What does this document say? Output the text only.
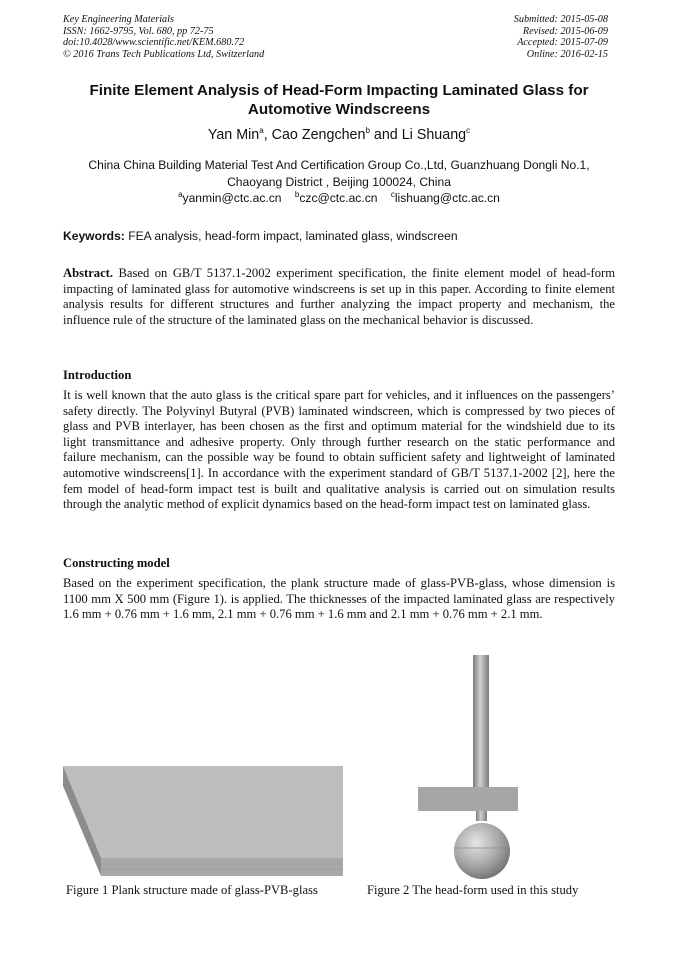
Key Engineering Materials
ISSN: 1662-9795, Vol. 680, pp 72-75
doi:10.4028/www.scientific.net/KEM.680.72
© 2016 Trans Tech Publications Ltd, Switzerland
Submitted: 2015-05-08
Revised: 2015-06-09
Accepted: 2015-07-09
Online: 2016-02-15
Finite Element Analysis of Head-Form Impacting Laminated Glass for Automotive Windscreens
Yan Min$^a$, Cao Zengchen$^b$ and Li Shuang$^c$
China China Building Material Test And Certification Group Co.,Ltd, Guanzhuang Dongli No.1, Chaoyang District , Beijing 100024, China
$^a$yanmin@ctc.ac.cn $^b$czc@ctc.ac.cn $^c$lishuang@ctc.ac.cn
Keywords: FEA analysis, head-form impact, laminated glass, windscreen
Abstract. Based on GB/T 5137.1-2002 experiment specification, the finite element model of head-form impacting of laminated glass for automotive windscreens is set up in this paper. According to finite element analysis results for different structures and further analyzing the impact property and mechanism, the influence rule of the structure of the laminated glass on the mechanical behavior is discussed.
Introduction
It is well known that the auto glass is the critical spare part for vehicles, and it influences on the passengers’ safety directly. The Polyvinyl Butyral (PVB) laminated windscreen, which is compressed by two pieces of glass and PVB interlayer, has been chosen as the first and optimum material for the windshield due to its light transmittance and adhesive property. Only through further research on the static performance and failure mechanism, can the possible way be found to obtain sufficient safety and lightweight of laminated automotive windscreens[1]. In accordance with the experiment standard of GB/T 5137.1-2002 [2], here the fem model of head-form impact test is built and qualitative analysis is carried out on simulation results through the analytic method of explicit dynamics based on the head-form impact test on laminated glass.
Constructing model
Based on the experiment specification, the plank structure made of glass-PVB-glass, whose dimension is 1100 mm X 500 mm (Figure 1). is applied. The thicknesses of the impacted laminated glass are respectively 1.6 mm + 0.76 mm + 1.6 mm, 2.1 mm + 0.76 mm + 1.6 mm and 2.1 mm + 0.76 mm + 2.1 mm.
Figure 1 Plank structure made of glass-PVB-glass	Figure 2 The head-form used in this study
